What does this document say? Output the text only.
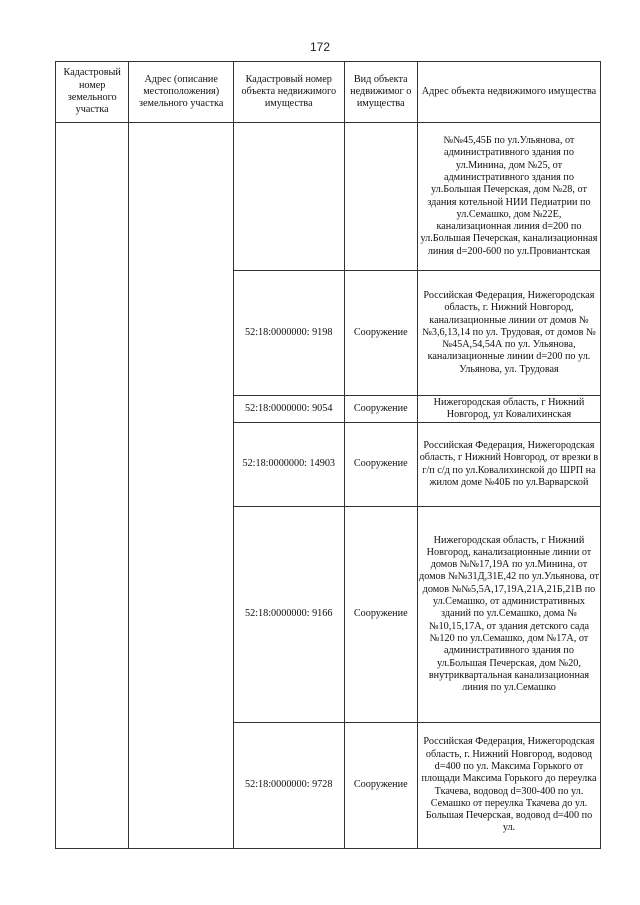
172
Кадастровый номер земельного участка	Адрес (описание местоположения) земельного участка	Кадастровый номер объекта недвижимого имущества	Вид объекта недвижимог о имущества	Адрес объекта недвижимого имущества
				№№45,45Б по ул.Ульянова, от административного здания по ул.Минина, дом №25, от административного здания по ул.Большая Печерская, дом №28, от здания котельной НИИ Педиатрии по ул.Семашко, дом №22Е, канализационная линия d=200 по ул.Большая Печерская, канализационная линия d=200-600 по ул.Провиантская
		52:18:0000000: 9198	Сооружение	Российская Федерация, Нижегородская область, г. Нижний Новгород, канализационные линии от домов №№3,6,13,14 по ул. Трудовая, от домов №№45А,54,54А по ул. Ульянова, канализационные линии d=200 по ул. Ульянова, ул. Трудовая
		52:18:0000000: 9054	Сооружение	Нижегородская область, г Нижний Новгород, ул Ковалихинская
		52:18:0000000: 14903	Сооружение	Российская Федерация, Нижегородская область, г Нижний Новгород, от врезки в г/п с/д по ул.Ковалихинской до ШРП на жилом доме №40Б по ул.Варварской
		52:18:0000000: 9166	Сооружение	Нижегородская область, г Нижний Новгород, канализационные линии от домов №№17,19А по ул.Минина, от домов №№31Д,31Е,42 по ул.Ульянова, от домов №№5,5А,17,19А,21А,21Б,21В по ул.Семашко, от административных зданий по ул.Семашко, дома №№10,15,17А, от здания детского сада №120 по ул.Семашко, дом №17А, от административного здания по ул.Большая Печерская, дом №20, внутриквартальная канализационная линия по ул.Семашко
		52:18:0000000: 9728	Сооружение	Российская Федерация, Нижегородская область, г. Нижний Новгород, водовод d=400 по ул. Максима Горького от площади Максима Горького до переулка Ткачева, водовод d=300-400 по ул. Семашко от переулка Ткачева до ул. Большая Печерская, водовод d=400 по ул.
